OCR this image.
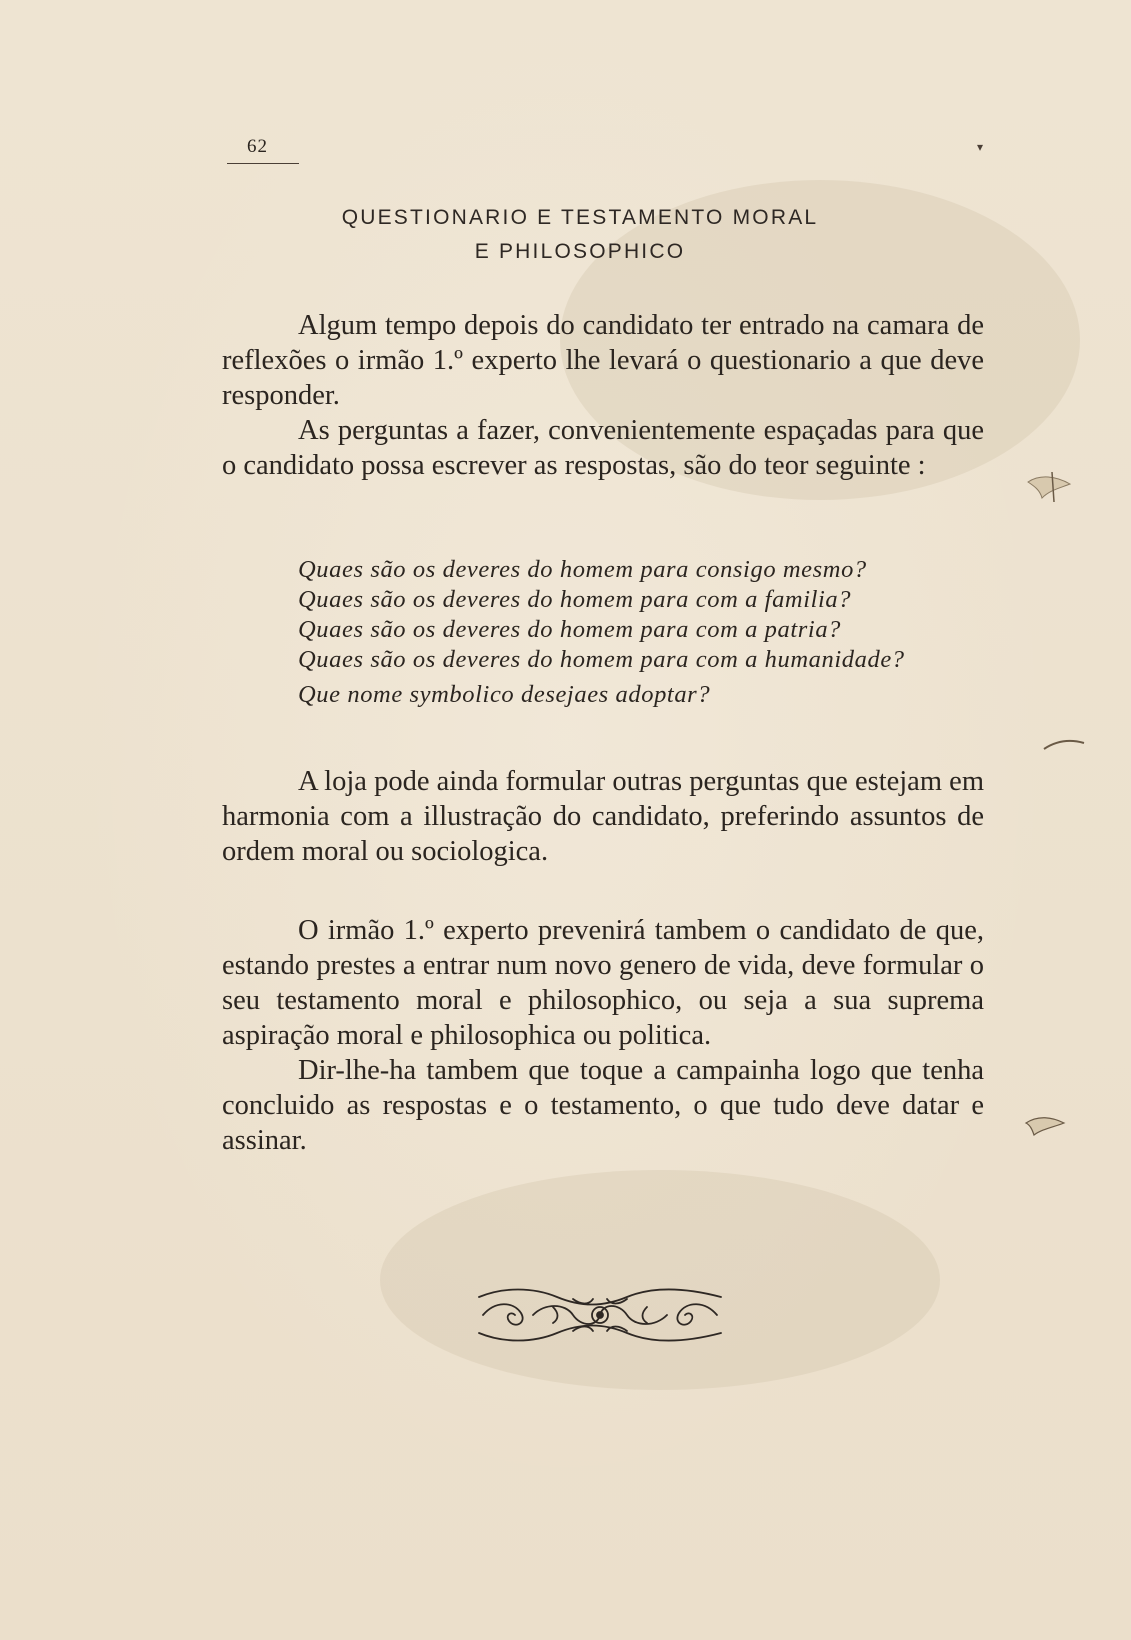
62	▾
QUESTIONARIO E TESTAMENTO MORAL
E PHILOSOPHICO

Algum tempo depois do candidato ter entrado na camara de reflexões o irmão 1.º experto lhe levará o questionario a que deve responder.

As perguntas a fazer, convenientemente espaçadas para que o candidato possa escrever as respostas, são do teor seguinte :

Quaes são os deveres do homem para consigo mesmo?
Quaes são os deveres do homem para com a familia?
Quaes são os deveres do homem para com a patria?
Quaes são os deveres do homem para com a humanidade?
Que nome symbolico desejaes adoptar?

A loja pode ainda formular outras perguntas que estejam em harmonia com a illustração do candidato, preferindo assuntos de ordem moral ou sociologica.

O irmão 1.º experto prevenirá tambem o candidato de que, estando prestes a entrar num novo genero de vida, deve formular o seu testamento moral e philosophico, ou seja a sua suprema aspiração moral e philosophica ou politica.

Dir-lhe-ha tambem que toque a campainha logo que tenha concluido as respostas e o testamento, o que tudo deve datar e assinar.
